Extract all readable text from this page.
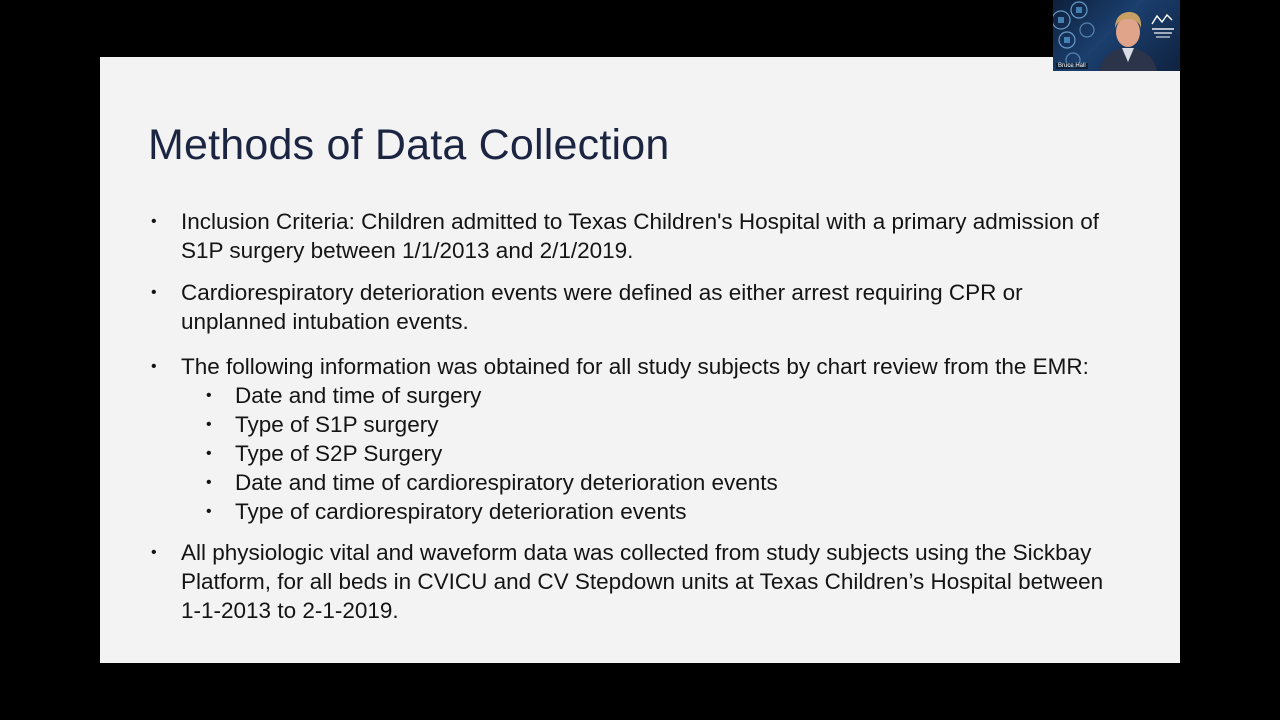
Methods of Data Collection
• Inclusion Criteria: Children admitted to Texas Children's Hospital with a primary admission of S1P surgery between 1/1/2013 and 2/1/2019.
• Cardiorespiratory deterioration events were defined as either arrest requiring CPR or unplanned intubation events.
• The following information was obtained for all study subjects by chart review from the EMR:
• Date and time of surgery
• Type of S1P surgery
• Type of S2P Surgery
• Date and time of cardiorespiratory deterioration events
• Type of cardiorespiratory deterioration events
• All physiologic vital and waveform data was collected from study subjects using the Sickbay Platform, for all beds in CVICU and CV Stepdown units at Texas Children’s Hospital between 1-1-2013 to 2-1-2019.
Bruce Hall
